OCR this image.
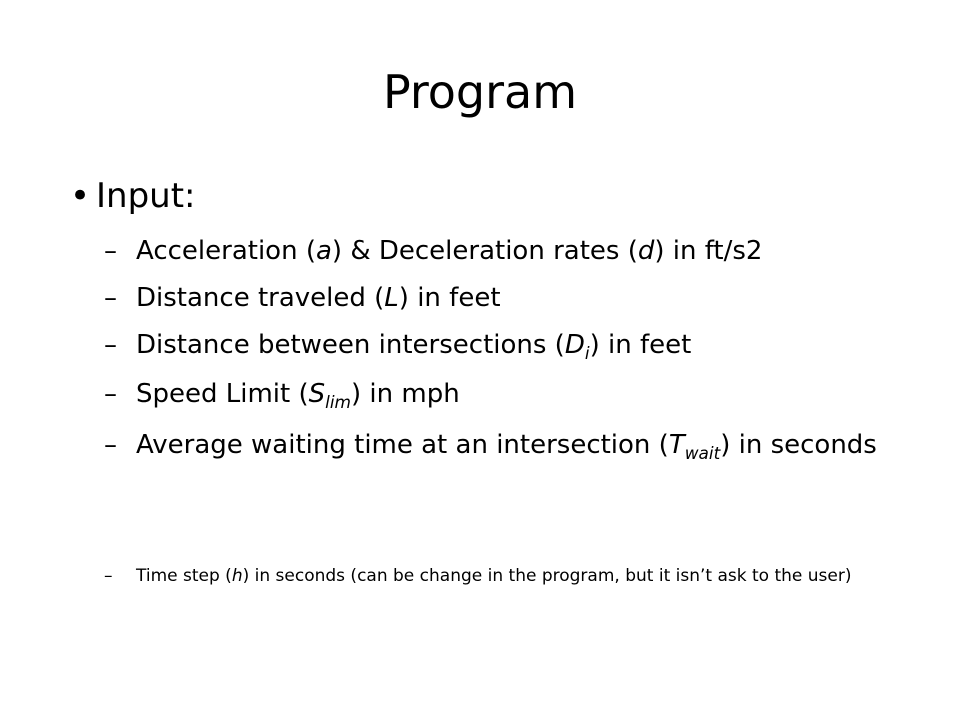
Program
• Input:
– Acceleration (a) & Deceleration rates (d) in ft/s2
– Distance traveled (L) in feet
– Distance between intersections $(D_i)$ in feet
– Speed Limit $(S_{lim})$ in mph
– Average waiting time at an intersection $(T_{wait})$ in seconds
–	Time step (h) in seconds (can be change in the program, but it isn’t ask to the user)
